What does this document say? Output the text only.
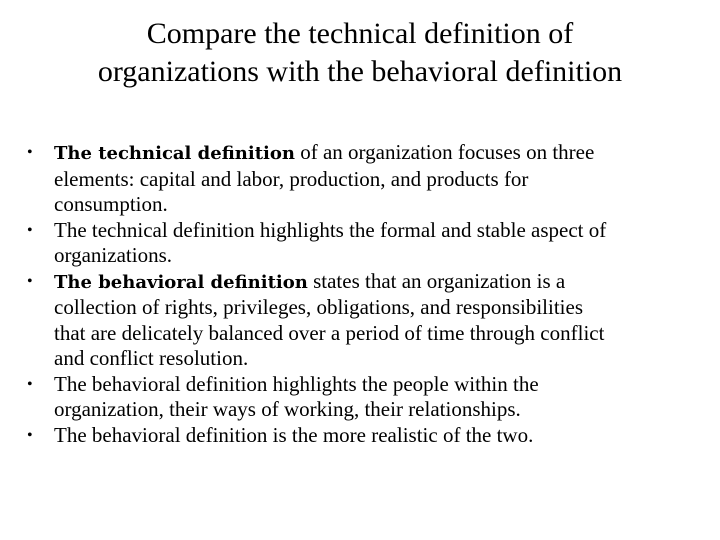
Compare the technical definition of
organizations with the behavioral definition
• The technical definition of an organization focuses on three
elements: capital and labor, production, and products for
consumption.
• The technical definition highlights the formal and stable aspect of
organizations.
• The behavioral definition states that an organization is a
collection of rights, privileges, obligations, and responsibilities
that are delicately balanced over a period of time through conflict
and conflict resolution.
• The behavioral definition highlights the people within the
organization, their ways of working, their relationships.
• The behavioral definition is the more realistic of the two.
